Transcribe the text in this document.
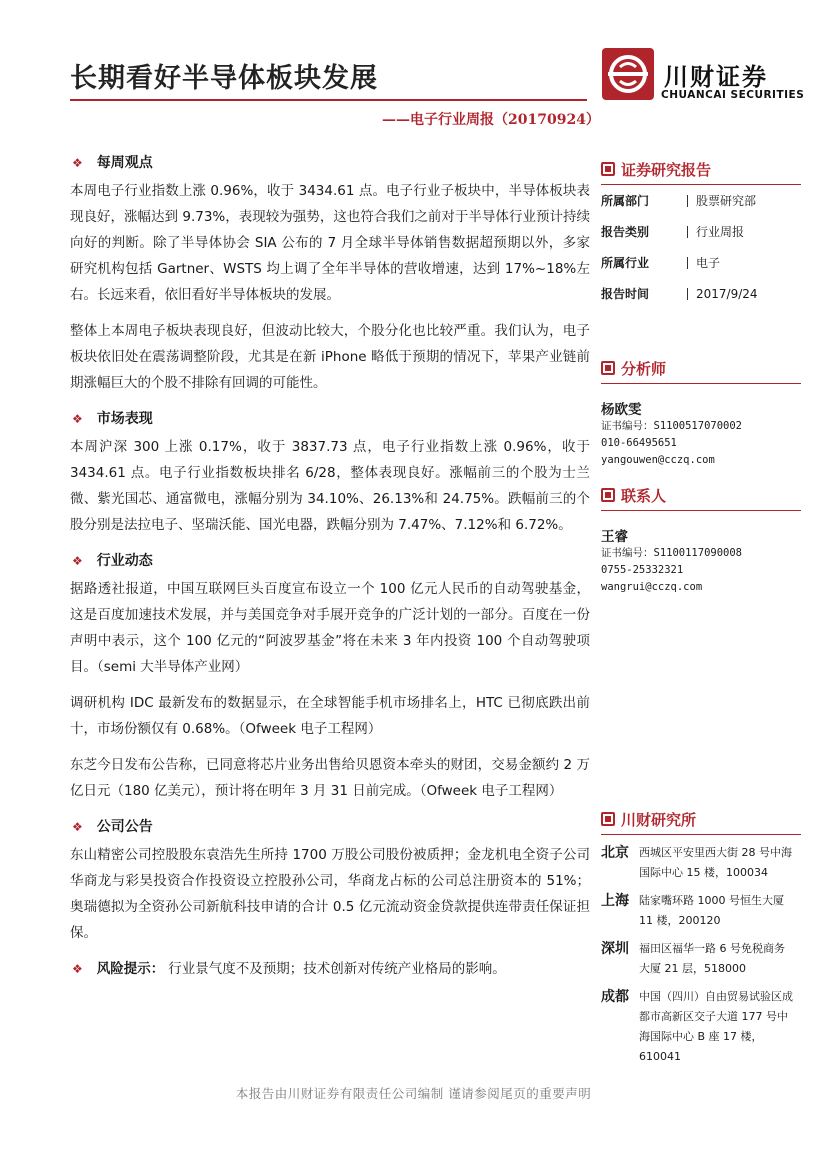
长期看好半导体板块发展
——电子行业周报（20170924）
川财证券
CHUANCAI SECURITIES
❖ 每周观点

本周电子行业指数上涨 0.96%，收于 3434.61 点。电子行业子板块中，半导体板块表现良好，涨幅达到 9.73%，表现较为强势，这也符合我们之前对于半导体行业预计持续向好的判断。除了半导体协会 SIA 公布的 7 月全球半导体销售数据超预期以外，多家研究机构包括 Gartner、WSTS 均上调了全年半导体的营收增速，达到 17%~18%左右。长远来看，依旧看好半导体板块的发展。

整体上本周电子板块表现良好，但波动比较大，个股分化也比较严重。我们认为，电子板块依旧处在震荡调整阶段，尤其是在新 iPhone 略低于预期的情况下，苹果产业链前期涨幅巨大的个股不排除有回调的可能性。

❖ 市场表现

本周沪深 300 上涨 0.17%，收于 3837.73 点，电子行业指数上涨 0.96%，收于 3434.61 点。电子行业指数板块排名 6/28，整体表现良好。涨幅前三的个股为士兰微、紫光国芯、通富微电，涨幅分别为 34.10%、26.13%和 24.75%。跌幅前三的个股分别是法拉电子、坚瑞沃能、国光电器，跌幅分别为 7.47%、7.12%和 6.72%。

❖ 行业动态

据路透社报道，中国互联网巨头百度宣布设立一个 100 亿元人民币的自动驾驶基金，这是百度加速技术发展，并与美国竞争对手展开竞争的广泛计划的一部分。百度在一份声明中表示，这个 100 亿元的“阿波罗基金”将在未来 3 年内投资 100 个自动驾驶项目。（semi 大半导体产业网）

调研机构 IDC 最新发布的数据显示，在全球智能手机市场排名上，HTC 已彻底跌出前十，市场份额仅有 0.68%。（Ofweek 电子工程网）

东芝今日发布公告称，已同意将芯片业务出售给贝恩资本牵头的财团，交易金额约 2 万亿日元（180 亿美元），预计将在明年 3 月 31 日前完成。（Ofweek 电子工程网）

❖ 公司公告

东山精密公司控股股东袁浩先生所持 1700 万股公司股份被质押；金龙机电全资子公司华商龙与彩昊投资合作投资设立控股孙公司，华商龙占标的公司总注册资本的 51%；奥瑞德拟为全资孙公司新航科技申请的合计 0.5 亿元流动资金贷款提供连带责任保证担保。

❖ 风险提示： 行业景气度不及预期；技术创新对传统产业格局的影响。
证券研究报告
所属部门	股票研究部
报告类别	行业周报
所属行业	电子
报告时间	2017/9/24
分析师
杨欧雯
证书编号：S1100517070002
010-66495651
yangouwen@cczq.com
联系人
王睿
证书编号：S1100117090008
0755-25332321
wangrui@cczq.com
川财研究所
北京 西城区平安里西大街 28 号中海国际中心 15 楼，100034
上海 陆家嘴环路 1000 号恒生大厦 11 楼，200120
深圳 福田区福华一路 6 号免税商务大厦 21 层，518000
成都 中国（四川）自由贸易试验区成都市高新区交子大道 177 号中海国际中心 B 座 17 楼，610041
本报告由川财证券有限责任公司编制 谨请参阅尾页的重要声明
